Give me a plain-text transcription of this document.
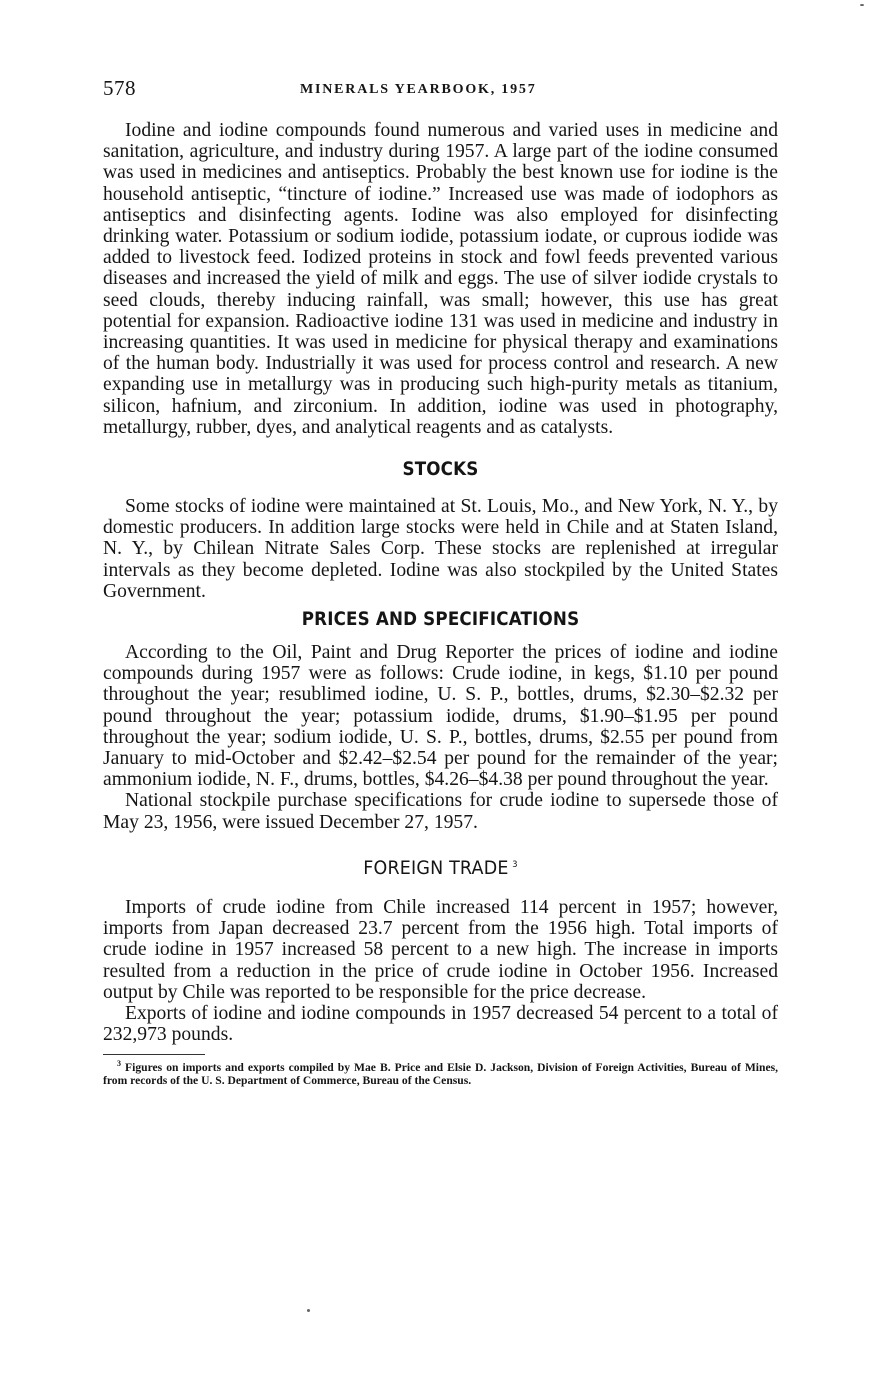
578	MINERALS YEARBOOK, 1957

Iodine and iodine compounds found numerous and varied uses in medicine and sanitation, agriculture, and industry during 1957. A large part of the iodine consumed was used in medicines and antiseptics. Probably the best known use for iodine is the household antiseptic, “tincture of iodine.” Increased use was made of iodophors as antiseptics and disinfecting agents. Iodine was also employed for disinfecting drinking water. Potassium or sodium iodide, potassium iodate, or cuprous iodide was added to livestock feed. Iodized proteins in stock and fowl feeds prevented various diseases and increased the yield of milk and eggs. The use of silver iodide crystals to seed clouds, thereby inducing rainfall, was small; however, this use has great potential for expansion. Radioactive iodine 131 was used in medicine and industry in increasing quantities. It was used in medicine for physical therapy and examinations of the human body. Industrially it was used for process control and research. A new expanding use in metallurgy was in producing such high-purity metals as titanium, silicon, hafnium, and zirconium. In addition, iodine was used in photography, metallurgy, rubber, dyes, and analytical reagents and as catalysts.

STOCKS

Some stocks of iodine were maintained at St. Louis, Mo., and New York, N. Y., by domestic producers. In addition large stocks were held in Chile and at Staten Island, N. Y., by Chilean Nitrate Sales Corp. These stocks are replenished at irregular intervals as they become depleted. Iodine was also stockpiled by the United States Government.

PRICES AND SPECIFICATIONS

According to the Oil, Paint and Drug Reporter the prices of iodine and iodine compounds during 1957 were as follows: Crude iodine, in kegs, $1.10 per pound throughout the year; resublimed iodine, U. S. P., bottles, drums, $2.30–$2.32 per pound throughout the year; potassium iodide, drums, $1.90–$1.95 per pound throughout the year; sodium iodide, U. S. P., bottles, drums, $2.55 per pound from January to mid-October and $2.42–$2.54 per pound for the remainder of the year; ammonium iodide, N. F., drums, bottles, $4.26–$4.38 per pound throughout the year.

National stockpile purchase specifications for crude iodine to supersede those of May 23, 1956, were issued December 27, 1957.

FOREIGN TRADE $^3$

Imports of crude iodine from Chile increased 114 percent in 1957; however, imports from Japan decreased 23.7 percent from the 1956 high. Total imports of crude iodine in 1957 increased 58 percent to a new high. The increase in imports resulted from a reduction in the price of crude iodine in October 1956. Increased output by Chile was reported to be responsible for the price decrease.

Exports of iodine and iodine compounds in 1957 decreased 54 percent to a total of 232,973 pounds.

$^3$ Figures on imports and exports compiled by Mae B. Price and Elsie D. Jackson, Division of Foreign Activities, Bureau of Mines, from records of the U. S. Department of Commerce, Bureau of the Census.
